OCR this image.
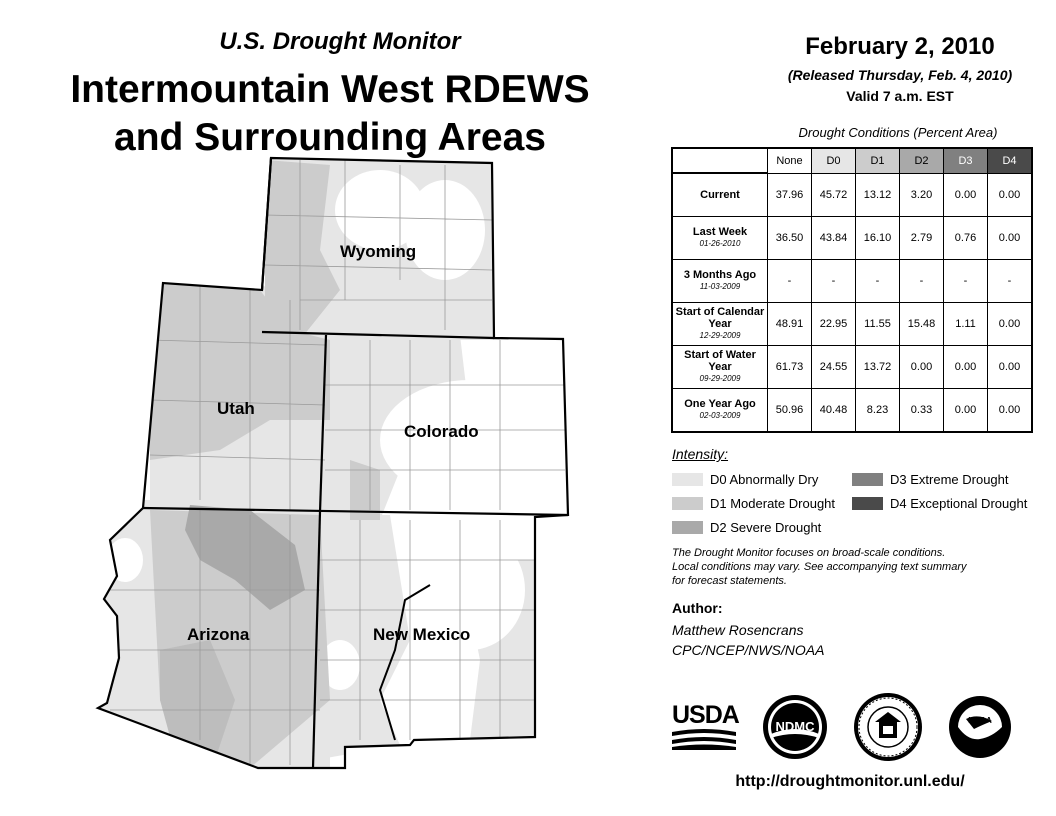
U.S. Drought Monitor
Intermountain West RDEWS
and Surrounding Areas
Wyoming
Utah
Colorado
Arizona	New Mexico
February 2, 2010
(Released Thursday, Feb. 4, 2010)
Valid 7 a.m. EST
Drought Conditions (Percent Area)
	None	D0	D1	D2	D3	D4
Current	37.96	45.72	13.12	3.20	0.00	0.00
Last Week
01-26-2010	36.50	43.84	16.10	2.79	0.76	0.00
3 Months Ago
11-03-2009	-	-	-	-	-	-
Start of Calendar Year
12-29-2009	48.91	22.95	11.55	15.48	1.11	0.00
Start of Water Year
09-29-2009	61.73	24.55	13.72	0.00	0.00	0.00
One Year Ago
02-03-2009	50.96	40.48	8.23	0.33	0.00	0.00
Intensity:
D0 Abnormally Dry
D1 Moderate Drought
D2 Severe Drought
D3 Extreme Drought
D4 Exceptional Drought
The Drought Monitor focuses on broad-scale conditions.
Local conditions may vary. See accompanying text summary
for forecast statements.
Author:
Matthew Rosencrans
CPC/NCEP/NWS/NOAA
USDA	NDMC	NOAA
http://droughtmonitor.unl.edu/
